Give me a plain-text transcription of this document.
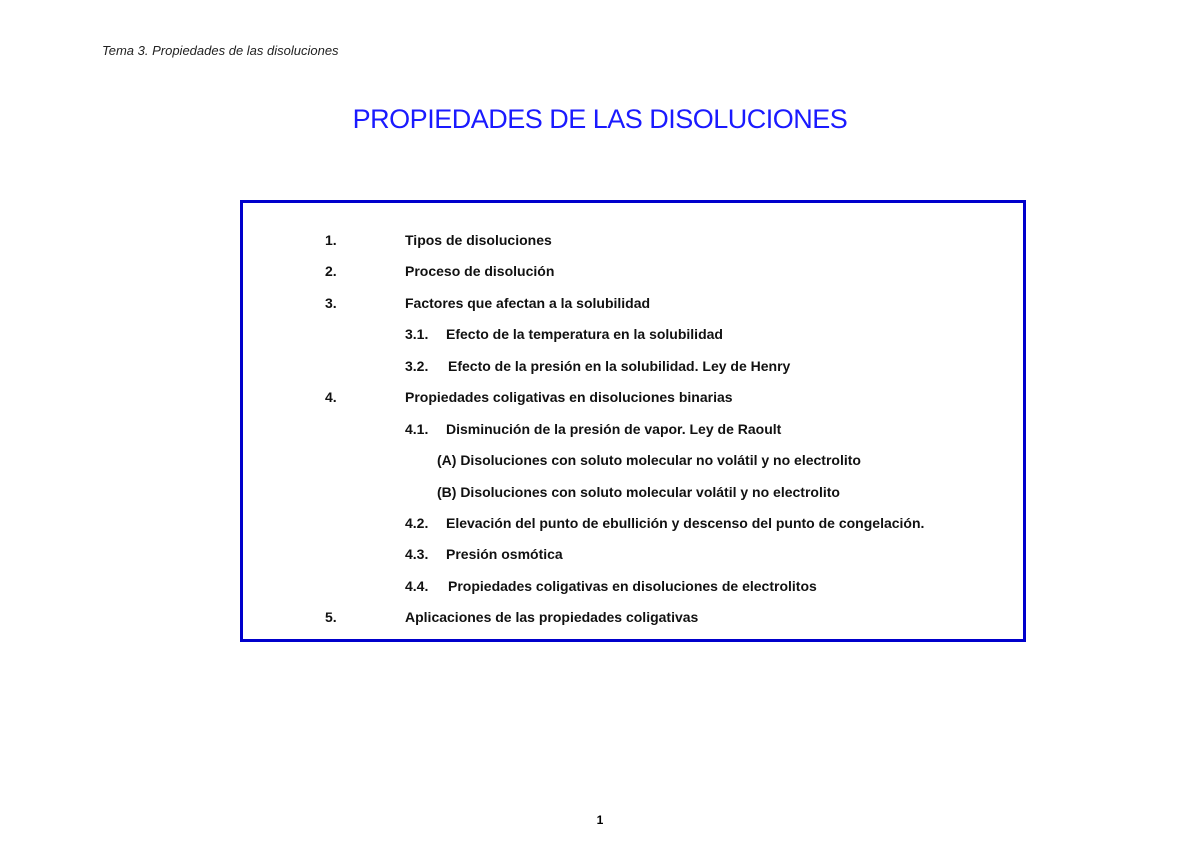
Tema 3. Propiedades de las disoluciones
PROPIEDADES DE LAS DISOLUCIONES
1.	Tipos de disoluciones
2.	Proceso de disolución
3.	Factores que afectan a la solubilidad
3.1. Efecto de la temperatura en la solubilidad
3.2. Efecto de la presión en la solubilidad. Ley de Henry
4.	Propiedades coligativas en disoluciones binarias
4.1. Disminución de la presión de vapor. Ley de Raoult
(A) Disoluciones con soluto molecular no volátil y no electrolito
(B) Disoluciones con soluto molecular volátil y no electrolito
4.2. Elevación del punto de ebullición y descenso del punto de congelación.
4.3. Presión osmótica
4.4. Propiedades coligativas en disoluciones de electrolitos
5.	Aplicaciones de las propiedades coligativas
1
